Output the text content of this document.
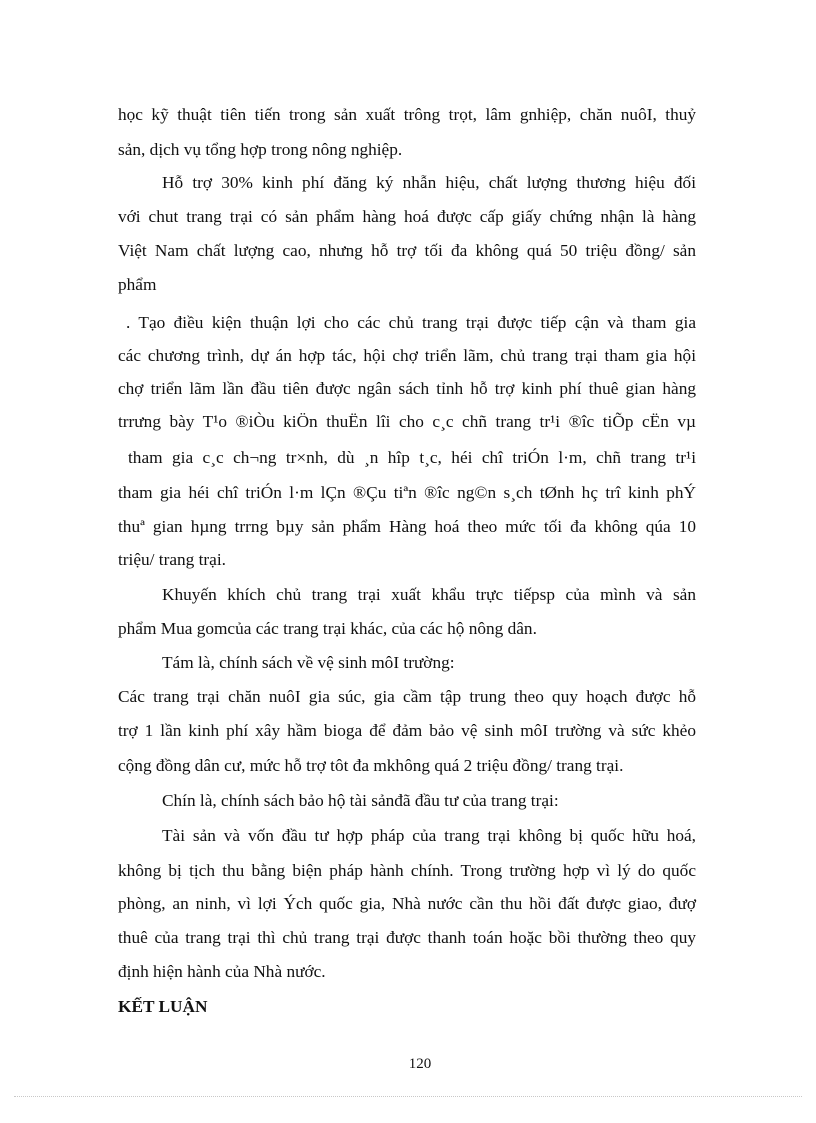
học kỹ thuật tiên tiến trong sản xuất trông trọt, lâm gnhiệp, chăn nuôI, thuỷ
sản, dịch vụ tổng hợp trong nông nghiệp.
Hỗ trợ 30% kinh phí đăng ký nhẫn hiệu, chất lượng thương hiệu đối
với chut trang trại có sản phẩm hàng hoá được cấp giấy chứng nhận là hàng
Việt Nam chất lượng cao, nhưng hỗ trợ tối đa không quá 50 triệu đồng/ sản
phẩm
. Tạo điều kiện thuận lợi cho các chủ trang trại được tiếp cận và tham gia
các chương trình, dự án hợp tác, hội chợ triển lãm, chủ trang trại tham gia hội
chợ triển lãm lần đầu tiên được ngân sách tỉnh hỗ trợ kinh phí thuê gian hàng
trrưng bày T¹o ®iÒu kiÖn thuËn lîi cho c¸c chñ trang tr¹i ®îc tiÕp cËn vµ
tham gia c¸c ch¬ng tr×nh, dù ¸n hîp t¸c, héi chî triÓn l·m, chñ trang tr¹i
tham gia héi chî triÓn l·m lÇn ®Çu tiªn ®îc ng©n s¸ch tØnh hç trî kinh phÝ
thuª gian hµng trrng bµy sản phẩm Hàng hoá theo mức tối đa không qúa 10
triệu/ trang trại.
Khuyến khích chủ trang trại xuất khẩu trực tiếpsp của mình và sản
phẩm Mua gomcủa các trang trại khác, của các hộ nông dân.
Tám là, chính sách về vệ sinh môI trường:
Các trang trại chăn nuôI gia súc, gia cầm tập trung theo quy hoạch được hỗ
trợ 1 lần kinh phí xây hầm bioga để đảm bảo vệ sinh môI trường và sức khẻo
cộng đồng dân cư, mức hỗ trợ tôt đa mkhông quá 2 triệu đồng/ trang trại.
Chín là, chính sách bảo hộ tài sảnđã đầu tư của trang trại:
Tài sản và vốn đầu tư hợp pháp của trang trại không bị quốc hữu hoá,
không bị tịch thu bằng biện pháp hành chính. Trong trường hợp vì lý do quốc
phòng, an ninh, vì lợi Ých quốc gia, Nhà nước cần thu hồi đất được giao, đượ
thuê của trang trại thì chủ trang trại được thanh toán hoặc bồi thường theo quy
định hiện hành của Nhà nước.
KẾT LUẬN
120
